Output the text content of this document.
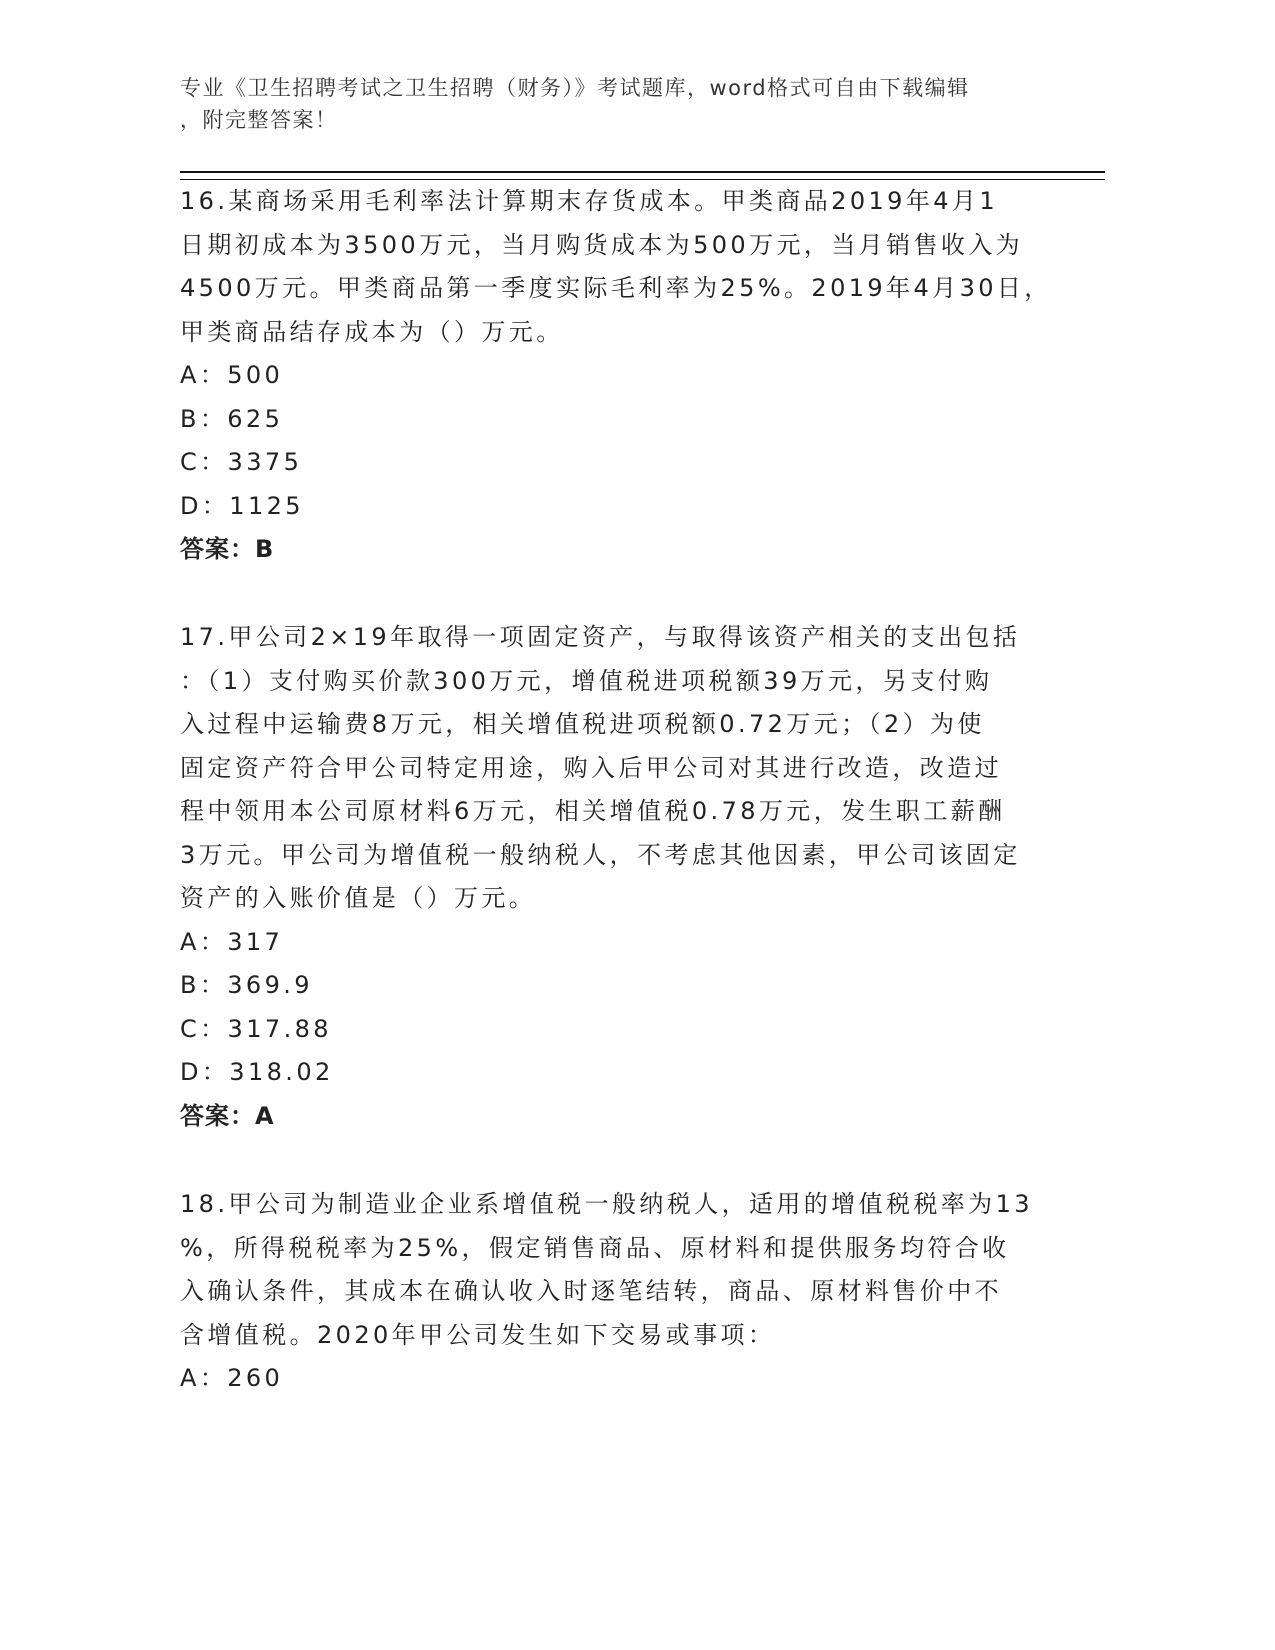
专业《卫生招聘考试之卫生招聘（财务）》考试题库，word格式可自由下载编辑
，附完整答案！
16.某商场采用毛利率法计算期末存货成本。甲类商品2019年4月1
日期初成本为3500万元，当月购货成本为500万元，当月销售收入为
4500万元。甲类商品第一季度实际毛利率为25%。2019年4月30日，
甲类商品结存成本为（）万元。
A：500
B：625
C：3375
D：1125
答案：B
17.甲公司2×19年取得一项固定资产，与取得该资产相关的支出包括
：（1）支付购买价款300万元，增值税进项税额39万元，另支付购
入过程中运输费8万元，相关增值税进项税额0.72万元；（2）为使
固定资产符合甲公司特定用途，购入后甲公司对其进行改造，改造过
程中领用本公司原材料6万元，相关增值税0.78万元，发生职工薪酬
3万元。甲公司为增值税一般纳税人，不考虑其他因素，甲公司该固定
资产的入账价值是（）万元。
A：317
B：369.9
C：317.88
D：318.02
答案：A
18.甲公司为制造业企业系增值税一般纳税人，适用的增值税税率为13
%，所得税税率为25%，假定销售商品、原材料和提供服务均符合收
入确认条件，其成本在确认收入时逐笔结转，商品、原材料售价中不
含增值税。2020年甲公司发生如下交易或事项：
A：260
